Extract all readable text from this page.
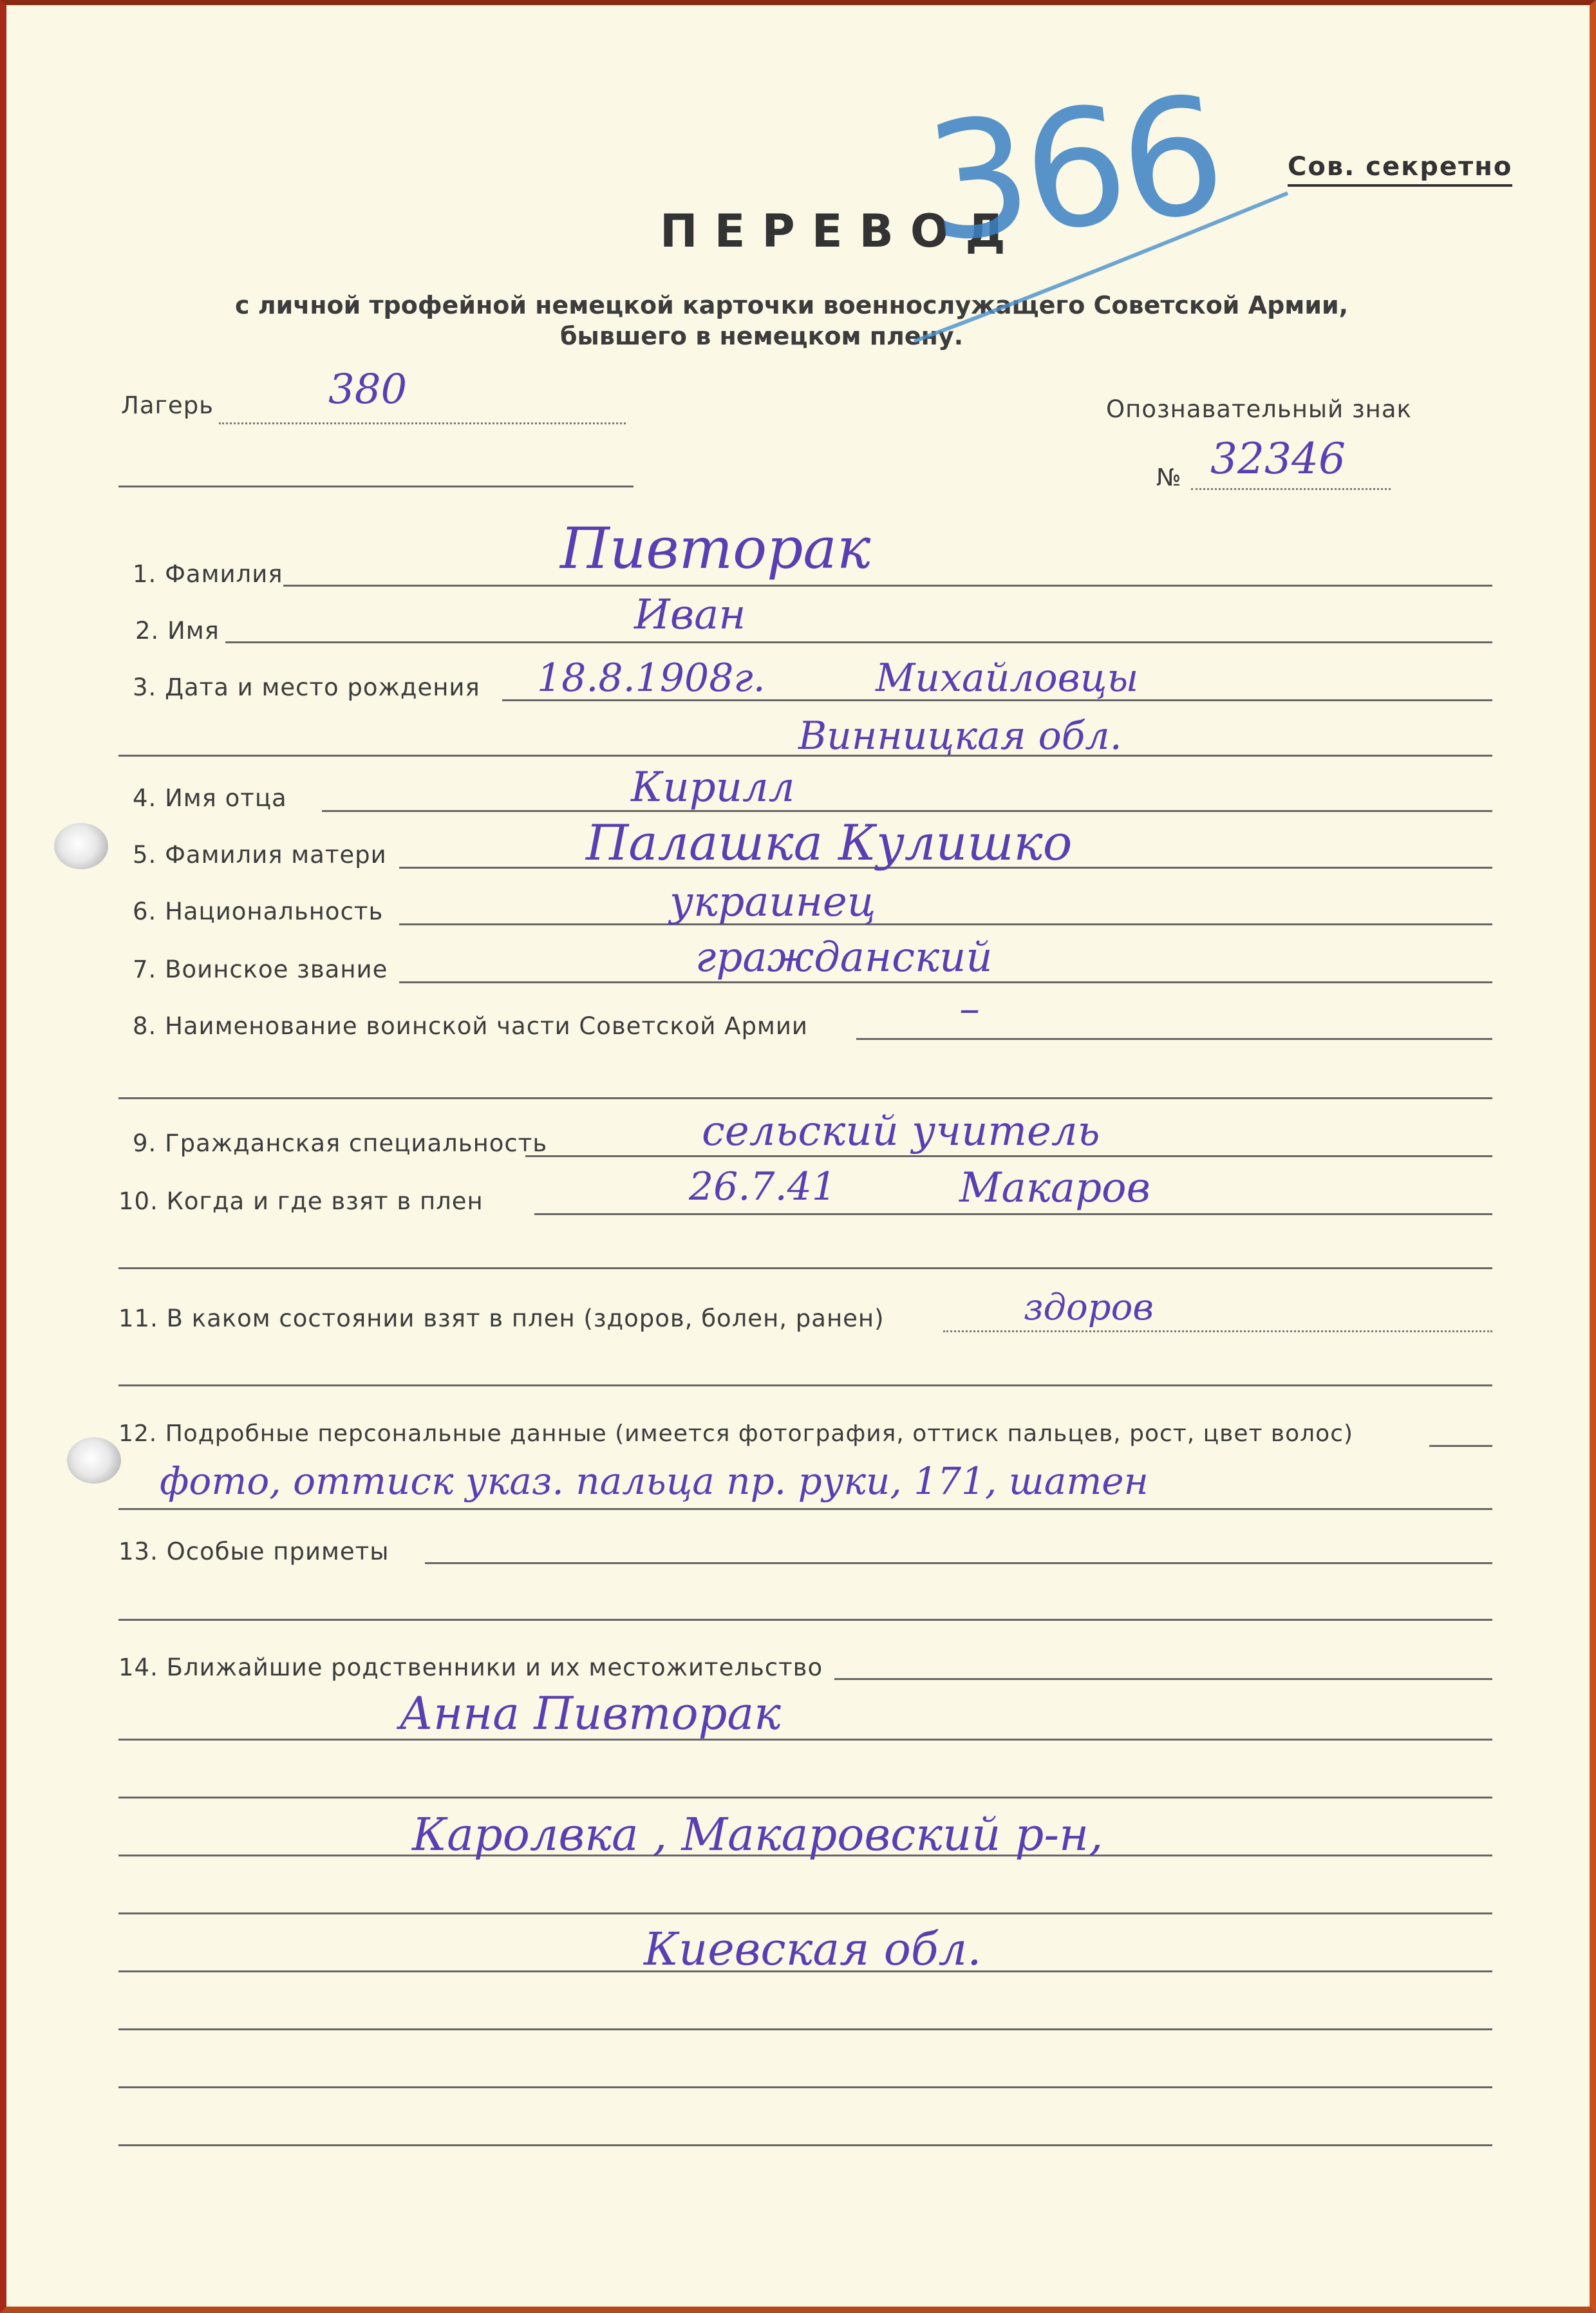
Сов. секретно
ПЕРЕВОД
с личной трофейной немецкой карточки военнослужащего Советской Армии,
бывшего в немецком плену.
366
Лагерь	380	Опознавательный знак
№ 32346
1. Фамилия	Пивторак
2. Имя	Иван
3. Дата и место рождения 18.8.1908г.	Михайловцы
Винницкая обл.
4. Имя отца	Кирилл
5. Фамилия матери	Палашка Кулишко
6. Национальность	украинец
7. Воинское звание	гражданский
8. Наименование воинской части Советской Армии	–
9. Гражданская специальность	сельский учитель
10. Когда и где взят в плен	26.7.41	Макаров
11. В каком состоянии взят в плен (здоров, болен, ранен)	здоров
12. Подробные персональные данные (имеется фотография, оттиск пальцев, рост, цвет волос)
фото, оттиск указ. пальца пр. руки, 171, шатен
13. Особые приметы
14. Ближайшие родственники и их местожительство
Анна Пивторак
Каролвка , Макаровский р-н,
Киевская обл.
